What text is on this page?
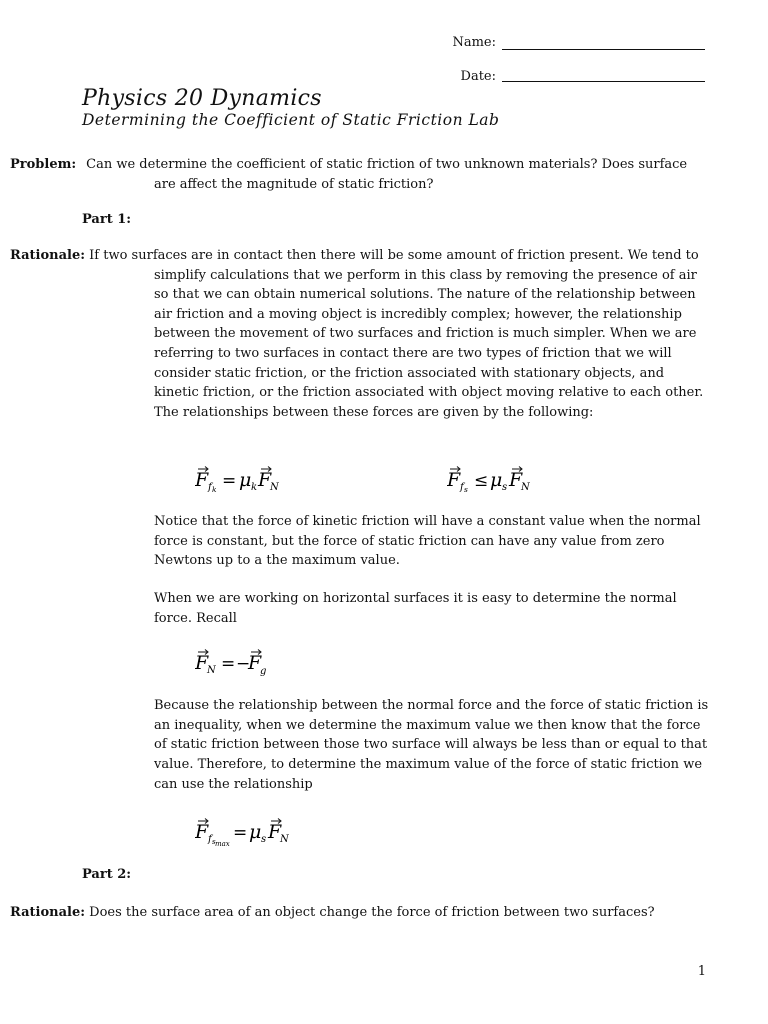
Name:
Date:
Physics 20 Dynamics
Determining the Coefficient of Static Friction Lab

Problem: Can we determine the coefficient of static friction of two unknown materials? Does surface are affect the magnitude of static friction?

Part 1:

Rationale: If two surfaces are in contact then there will be some amount of friction present. We tend to simplify calculations that we perform in this class by removing the presence of air so that we can obtain numerical solutions. The nature of the relationship between air friction and a moving object is incredibly complex; however, the relationship between the movement of two surfaces and friction is much simpler. When we are referring to two surfaces in contact there are two types of friction that we will consider static friction, or the friction associated with stationary objects, and kinetic friction, or the friction associated with object moving relative to each other. The relationships between these forces are given by the following:

F f k = μ k F
N	F f s ≤ μ s F
N
Notice that the force of kinetic friction will have a constant value when the normal force is constant, but the force of static friction can have any value from zero Newtons up to a the maximum value.
When we are working on horizontal surfaces it is easy to determine the normal force. Recall
F
N = −
F
g
Because the relationship between the normal force and the force of static friction is an inequality, when we determine the maximum value we then know that the force of static friction between those two surface will always be less than or equal to that value. Therefore, to determine the maximum value of the force of static friction we can use the relationship
F f s max
= μ s F
N
Part 2:

Rationale: Does the surface area of an object change the force of friction between two surfaces?

1
